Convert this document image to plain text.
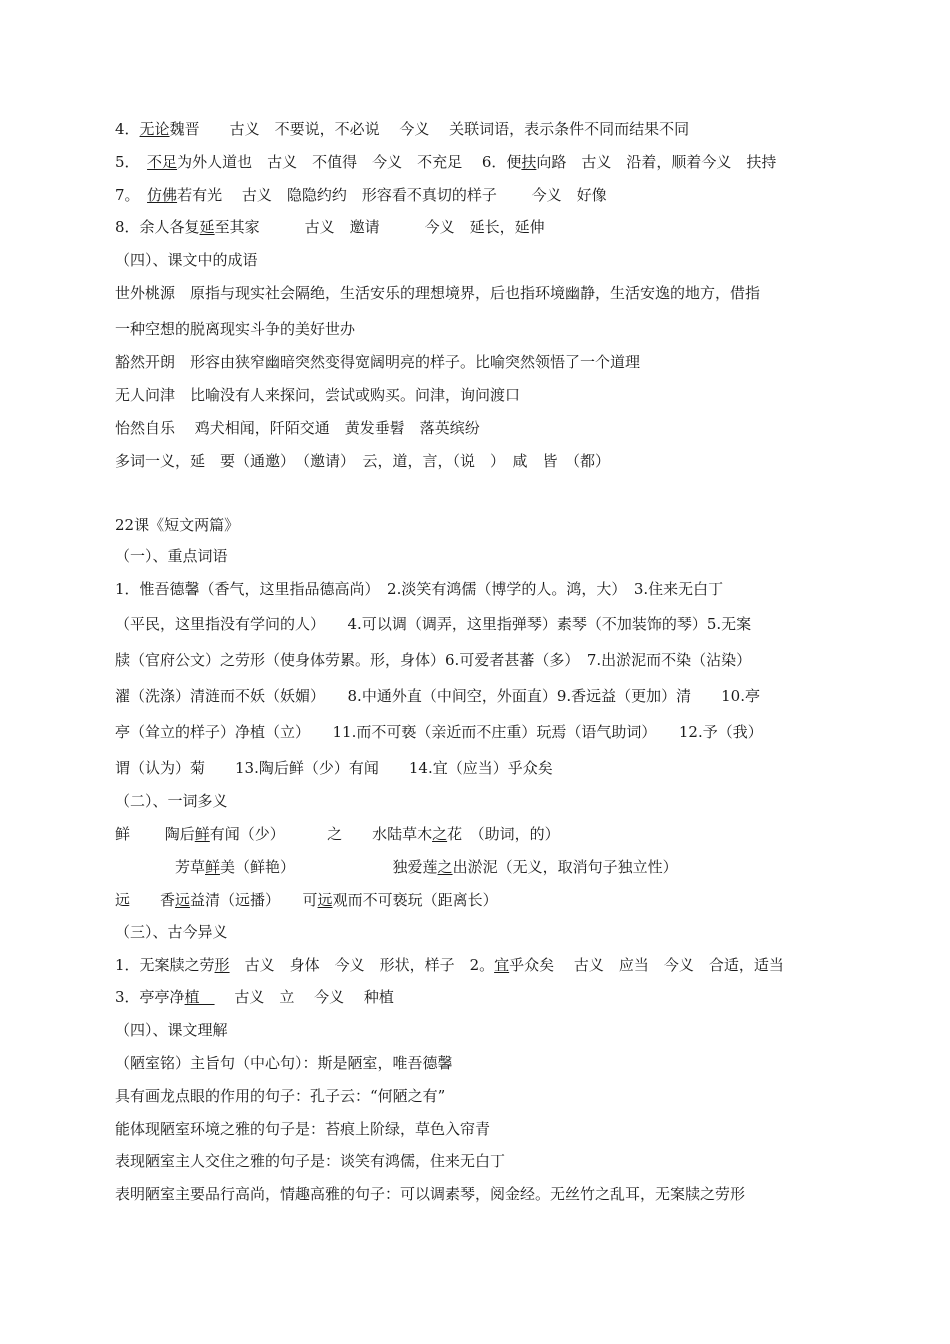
4．无论魏晋　　古义　不要说，不必说　 今义　 关联词语，表示条件不同而结果不同
5．　不足为外人道也　古义　不值得　今义　不充足　 6．便扶向路　古义　沿着，顺着今义　扶持
7。　仿佛若有光　 古义　隐隐约约　形容看不真切的样子　　 今义　好像
8．余人各复延至其家　　　古义　邀请　　　今义　延长，延伸
（四）、课文中的成语
世外桃源　原指与现实社会隔绝，生活安乐的理想境界，后也指环境幽静，生活安逸的地方，借指
一种空想的脱离现实斗争的美好世办
豁然开朗　形容由狭窄幽暗突然变得宽阔明亮的样子。比喻突然领悟了一个道理
无人问津　比喻没有人来探问，尝试或购买。问津，询问渡口
怡然自乐　 鸡犬相闻，阡陌交通　黄发垂髫　落英缤纷
多词一义，延　要（通邀）　（邀请）　云，道，言，（说　）　咸　皆　（都）
22课《短文两篇》
（一）、重点词语
1．惟吾德馨（香气，这里指品德高尚）　2.淡笑有鸿儒（博学的人。鸿，大）　3.住来无白丁
（平民，这里指没有学问的人）　　4.可以调（调弄，这里指弹琴）素琴（不加装饰的琴）5.无案
牍（官府公文）之劳形（使身体劳累。形，身体）6.可爱者甚蕃（多）　7.出淤泥而不染（沾染）
濯（洗涤）清涟而不妖（妖媚）　　8.中通外直（中间空，外面直）9.香远益（更加）清　　10.亭
亭（耸立的样子）净植（立）　　11.而不可亵（亲近而不庄重）玩焉（语气助词）　　12.予（我）
谓（认为）菊　　13.陶后鲜（少）有闻　　14.宜（应当）乎众矣
（二）、一词多义
鲜　　 陶后鲜有闻（少）　　　 之　　水陆草木之花　（助词，的）
　　　　芳草鲜美（鲜艳）　　　　　　　独爱莲之出淤泥（无义，取消句子独立性）
远　　香远益清（远播）　　可远观而不可亵玩（距离长）
（三）、古今异义
1．无案牍之劳形　古义　身体　今义　形状，样子　2。宜乎众矣　 古义　应当　今义　合适，适当
3．亭亭净植　　 古义　立　 今义　 种植
（四）、课文理解
（陋室铭）主旨句（中心句）：斯是陋室，唯吾德馨
具有画龙点眼的作用的句子：孔子云：“何陋之有”
能体现陋室环境之雅的句子是：苔痕上阶绿，草色入帘青
表现陋室主人交住之雅的句子是：谈笑有鸿儒，住来无白丁
表明陋室主要品行高尚，情趣高雅的句子：可以调素琴，阅金经。无丝竹之乱耳，无案牍之劳形
